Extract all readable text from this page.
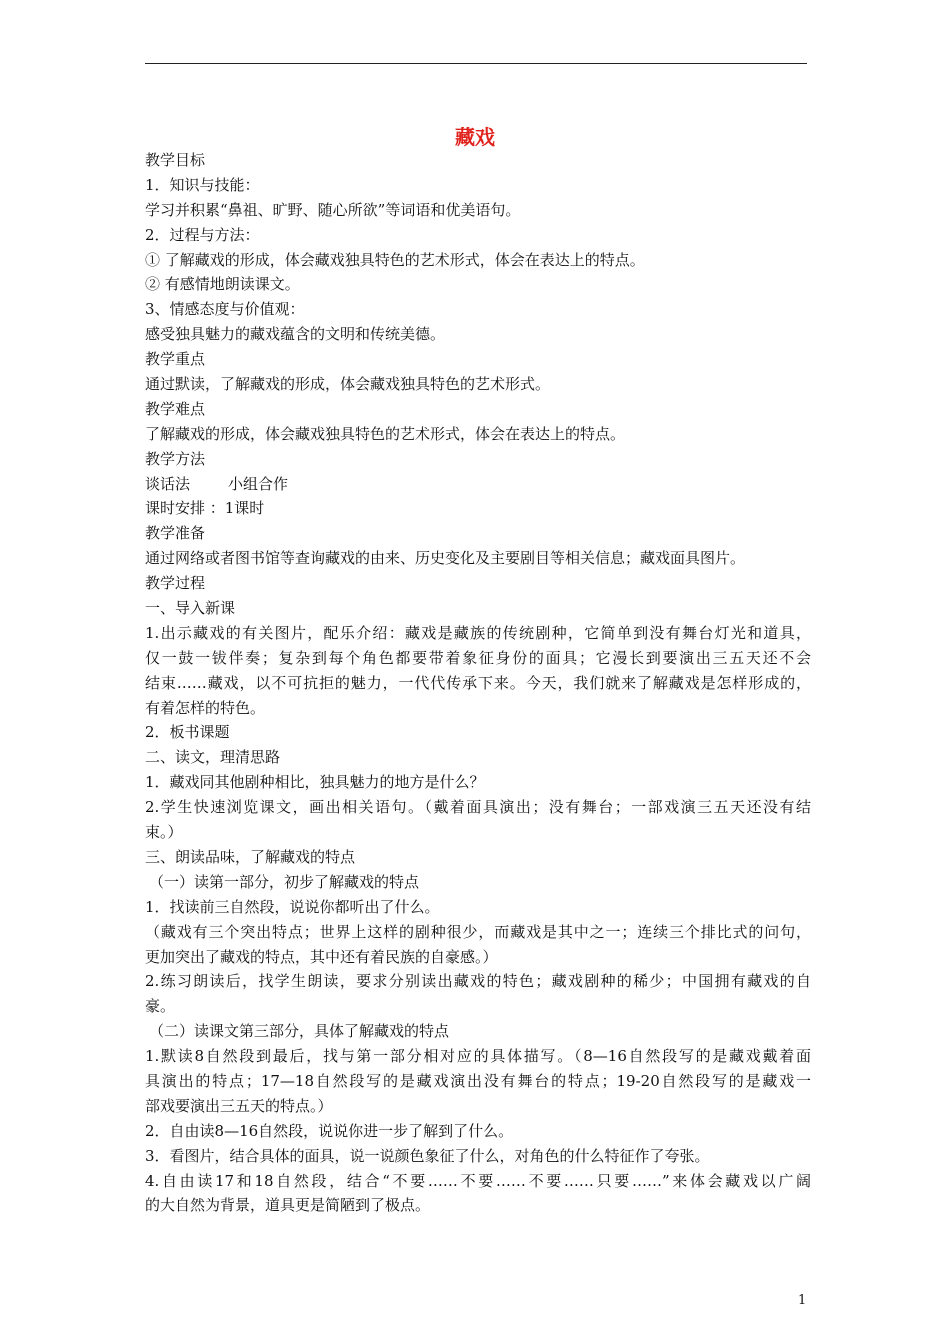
藏戏
教学目标
1．知识与技能：
学习并积累“鼻祖、旷野、随心所欲”等词语和优美语句。
2．过程与方法：
① 了解藏戏的形成，体会藏戏独具特色的艺术形式，体会在表达上的特点。
② 有感情地朗读课文。
3、情感态度与价值观：
感受独具魅力的藏戏蕴含的文明和传统美德。
教学重点
通过默读，了解藏戏的形成，体会藏戏独具特色的艺术形式。
教学难点
了解藏戏的形成，体会藏戏独具特色的艺术形式，体会在表达上的特点。
教学方法
谈话法	小组合作
课时安排 ：1课时
教学准备
通过网络或者图书馆等查询藏戏的由来、历史变化及主要剧目等相关信息；藏戏面具图片。
教学过程
一、导入新课
1.出示藏戏的有关图片，配乐介绍：藏戏是藏族的传统剧种，它简单到没有舞台灯光和道具，
仅一鼓一钹伴奏；复杂到每个角色都要带着象征身份的面具；它漫长到要演出三五天还不会
结束……藏戏，以不可抗拒的魅力，一代代传承下来。今天，我们就来了解藏戏是怎样形成的，
有着怎样的特色。
2．板书课题
二、读文，理清思路
1．藏戏同其他剧种相比，独具魅力的地方是什么？
2.学生快速浏览课文，画出相关语句。（戴着面具演出；没有舞台；一部戏演三五天还没有结
束。）
三、朗读品味，了解藏戏的特点
（一）读第一部分，初步了解藏戏的特点
1．找读前三自然段，说说你都听出了什么。
（藏戏有三个突出特点；世界上这样的剧种很少，而藏戏是其中之一；连续三个排比式的问句，
更加突出了藏戏的特点，其中还有着民族的自豪感。）
2.练习朗读后，找学生朗读，要求分别读出藏戏的特色；藏戏剧种的稀少；中国拥有藏戏的自
豪。
（二）读课文第三部分，具体了解藏戏的特点
1.默读8自然段到最后，找与第一部分相对应的具体描写。（8—16自然段写的是藏戏戴着面
具演出的特点；17—18自然段写的是藏戏演出没有舞台的特点；19-20自然段写的是藏戏一
部戏要演出三五天的特点。）
2．自由读8—16自然段，说说你进一步了解到了什么。
3．看图片，结合具体的面具，说一说颜色象征了什么，对角色的什么特征作了夸张。
4.自由读17和18自然段，结合“不要……不要……不要……只要……”来体会藏戏以广阔
的大自然为背景，道具更是简陋到了极点。
1
